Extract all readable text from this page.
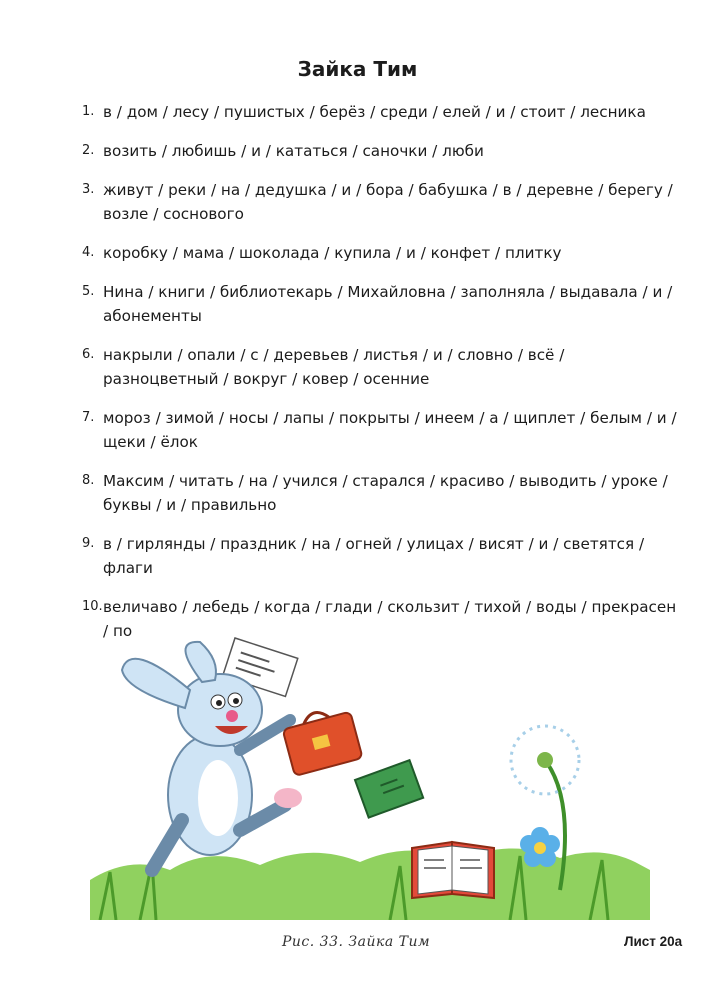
Зайка Тим
1. в / дом / лесу / пушистых / берёз / среди / елей / и / стоит / лесника
2. возить / любишь / и / кататься / саночки / люби
3. живут / реки / на / дедушка / и / бора / бабушка / в / деревне / берегу / возле / соснового
4. коробку / мама / шоколада / купила / и / конфет / плитку
5. Нина / книги / библиотекарь / Михайловна / заполняла / выдавала / и / абонементы
6. накрыли / опали / с / деревьев / листья / и / словно / всё / разноцветный / вокруг / ковер / осенние
7. мороз / зимой / носы / лапы / покрыты / инеем / а / щиплет / белым / и / щеки / ёлок
8. Максим / читать / на / учился / старался / красиво / выводить / уроке / буквы / и / правильно
9. в / гирлянды / праздник / на / огней / улицах / висят / и / светятся / флаги
10. величаво / лебедь / когда / глади / скользит / тихой / воды / прекрасен / по
Рис. 33. Зайка Тим	Лист 20а
